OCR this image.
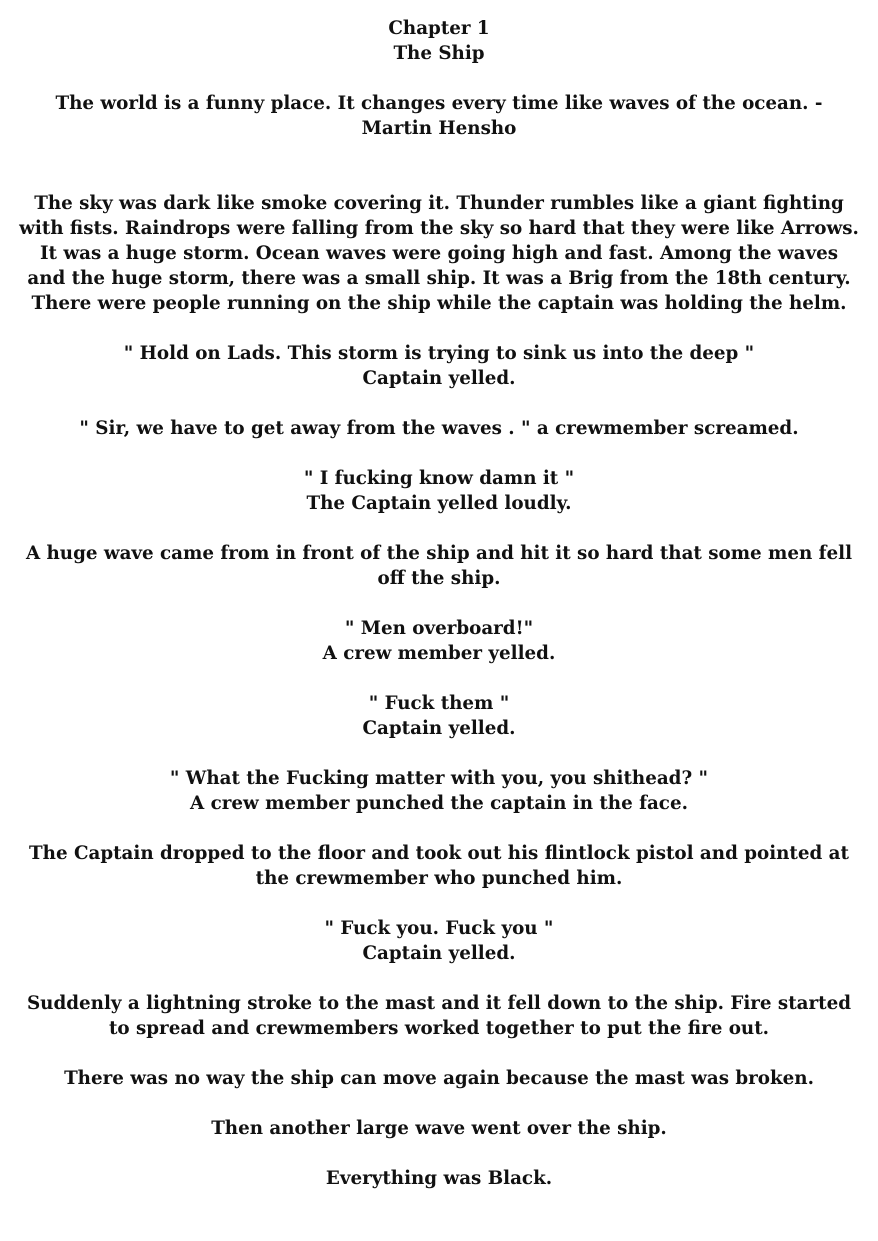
Chapter 1
The Ship
The world is a funny place. It changes every time like waves of the ocean. - Martin Hensho
The sky was dark like smoke covering it. Thunder rumbles like a giant fighting with fists. Raindrops were falling from the sky so hard that they were like Arrows. It was a huge storm. Ocean waves were going high and fast. Among the waves and the huge storm, there was a small ship. It was a Brig from the 18th century. There were people running on the ship while the captain was holding the helm.
" Hold on Lads. This storm is trying to sink us into the deep "
Captain yelled.
" Sir, we have to get away from the waves . " a crewmember screamed.
" I fucking know damn it "
The Captain yelled loudly.
A huge wave came from in front of the ship and hit it so hard that some men fell off the ship.
" Men overboard!"
A crew member yelled.
" Fuck them "
Captain yelled.
" What the Fucking matter with you, you shithead? "
A crew member punched the captain in the face.
The Captain dropped to the floor and took out his flintlock pistol and pointed at the crewmember who punched him.
" Fuck you. Fuck you "
Captain yelled.
Suddenly a lightning stroke to the mast and it fell down to the ship. Fire started to spread and crewmembers worked together to put the fire out.
There was no way the ship can move again because the mast was broken.
Then another large wave went over the ship.
Everything was Black.
